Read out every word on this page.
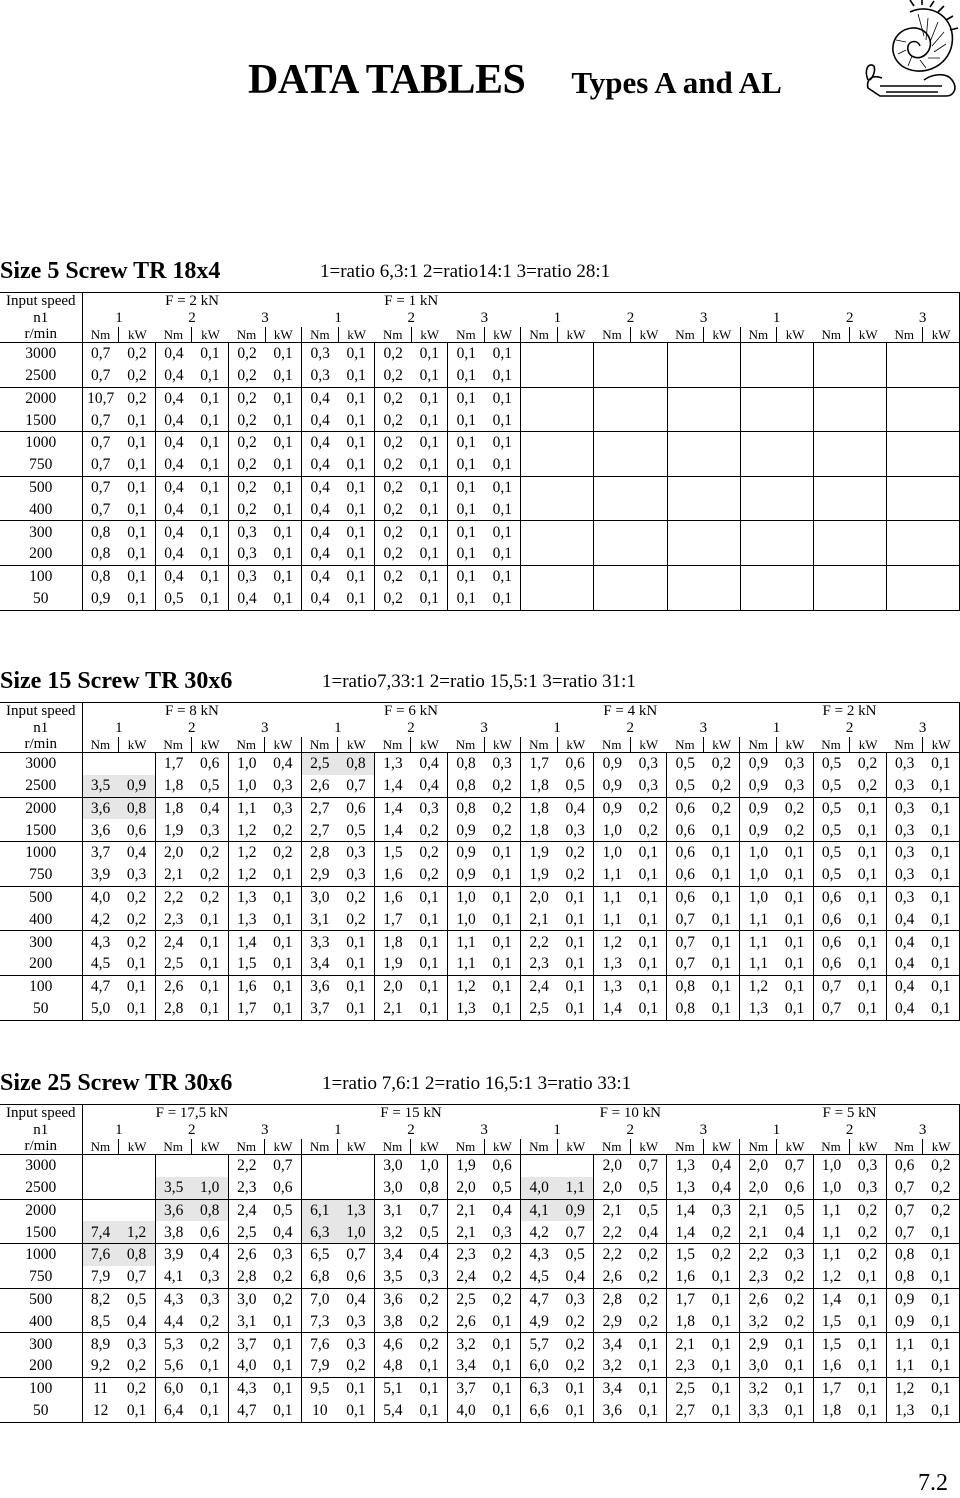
DATA TABLES Types A and AL
Size 5 Screw TR 18x4	1=ratio 6,3:1 2=ratio14:1 3=ratio 28:1
Input speed	F = 2 kN						F = 1 kN																	
n1	1		2		3		1		2		3		1		2		3		1		2		3	
r/min	Nm	kW	Nm	kW	Nm	kW	Nm	kW	Nm	kW	Nm	kW	Nm	kW	Nm	kW	Nm	kW	Nm	kW	Nm	kW	Nm	kW
3000	0,7	0,2	0,4	0,1	0,2	0,1	0,3	0,1	0,2	0,1	0,1	0,1												
2500	0,7	0,2	0,4	0,1	0,2	0,1	0,3	0,1	0,2	0,1	0,1	0,1												
2000	10,7	0,2	0,4	0,1	0,2	0,1	0,4	0,1	0,2	0,1	0,1	0,1												
1500	0,7	0,1	0,4	0,1	0,2	0,1	0,4	0,1	0,2	0,1	0,1	0,1												
1000	0,7	0,1	0,4	0,1	0,2	0,1	0,4	0,1	0,2	0,1	0,1	0,1												
750	0,7	0,1	0,4	0,1	0,2	0,1	0,4	0,1	0,2	0,1	0,1	0,1												
500	0,7	0,1	0,4	0,1	0,2	0,1	0,4	0,1	0,2	0,1	0,1	0,1												
400	0,7	0,1	0,4	0,1	0,2	0,1	0,4	0,1	0,2	0,1	0,1	0,1												
300	0,8	0,1	0,4	0,1	0,3	0,1	0,4	0,1	0,2	0,1	0,1	0,1												
200	0,8	0,1	0,4	0,1	0,3	0,1	0,4	0,1	0,2	0,1	0,1	0,1												
100	0,8	0,1	0,4	0,1	0,3	0,1	0,4	0,1	0,2	0,1	0,1	0,1												
50	0,9	0,1	0,5	0,1	0,4	0,1	0,4	0,1	0,2	0,1	0,1	0,1												
Size 15 Screw TR 30x6	1=ratio7,33:1 2=ratio 15,5:1 3=ratio 31:1
Input speed	F = 8 kN						F = 6 kN						F = 4 kN						F = 2 kN					
n1	1		2		3		1		2		3		1		2		3		1		2		3	
r/min	Nm	kW	Nm	kW	Nm	kW	Nm	kW	Nm	kW	Nm	kW	Nm	kW	Nm	kW	Nm	kW	Nm	kW	Nm	kW	Nm	kW
3000			1,7	0,6	1,0	0,4	2,5	0,8	1,3	0,4	0,8	0,3	1,7	0,6	0,9	0,3	0,5	0,2	0,9	0,3	0,5	0,2	0,3	0,1
2500	3,5	0,9	1,8	0,5	1,0	0,3	2,6	0,7	1,4	0,4	0,8	0,2	1,8	0,5	0,9	0,3	0,5	0,2	0,9	0,3	0,5	0,2	0,3	0,1
2000	3,6	0,8	1,8	0,4	1,1	0,3	2,7	0,6	1,4	0,3	0,8	0,2	1,8	0,4	0,9	0,2	0,6	0,2	0,9	0,2	0,5	0,1	0,3	0,1
1500	3,6	0,6	1,9	0,3	1,2	0,2	2,7	0,5	1,4	0,2	0,9	0,2	1,8	0,3	1,0	0,2	0,6	0,1	0,9	0,2	0,5	0,1	0,3	0,1
1000	3,7	0,4	2,0	0,2	1,2	0,2	2,8	0,3	1,5	0,2	0,9	0,1	1,9	0,2	1,0	0,1	0,6	0,1	1,0	0,1	0,5	0,1	0,3	0,1
750	3,9	0,3	2,1	0,2	1,2	0,1	2,9	0,3	1,6	0,2	0,9	0,1	1,9	0,2	1,1	0,1	0,6	0,1	1,0	0,1	0,5	0,1	0,3	0,1
500	4,0	0,2	2,2	0,2	1,3	0,1	3,0	0,2	1,6	0,1	1,0	0,1	2,0	0,1	1,1	0,1	0,6	0,1	1,0	0,1	0,6	0,1	0,3	0,1
400	4,2	0,2	2,3	0,1	1,3	0,1	3,1	0,2	1,7	0,1	1,0	0,1	2,1	0,1	1,1	0,1	0,7	0,1	1,1	0,1	0,6	0,1	0,4	0,1
300	4,3	0,2	2,4	0,1	1,4	0,1	3,3	0,1	1,8	0,1	1,1	0,1	2,2	0,1	1,2	0,1	0,7	0,1	1,1	0,1	0,6	0,1	0,4	0,1
200	4,5	0,1	2,5	0,1	1,5	0,1	3,4	0,1	1,9	0,1	1,1	0,1	2,3	0,1	1,3	0,1	0,7	0,1	1,1	0,1	0,6	0,1	0,4	0,1
100	4,7	0,1	2,6	0,1	1,6	0,1	3,6	0,1	2,0	0,1	1,2	0,1	2,4	0,1	1,3	0,1	0,8	0,1	1,2	0,1	0,7	0,1	0,4	0,1
50	5,0	0,1	2,8	0,1	1,7	0,1	3,7	0,1	2,1	0,1	1,3	0,1	2,5	0,1	1,4	0,1	0,8	0,1	1,3	0,1	0,7	0,1	0,4	0,1
Size 25 Screw TR 30x6	1=ratio 7,6:1 2=ratio 16,5:1 3=ratio 33:1
Input speed	F = 17,5 kN						F = 15 kN						F = 10 kN						F = 5 kN					
n1	1		2		3		1		2		3		1		2		3		1		2		3	
r/min	Nm	kW	Nm	kW	Nm	kW	Nm	kW	Nm	kW	Nm	kW	Nm	kW	Nm	kW	Nm	kW	Nm	kW	Nm	kW	Nm	kW
3000					2,2	0,7			3,0	1,0	1,9	0,6			2,0	0,7	1,3	0,4	2,0	0,7	1,0	0,3	0,6	0,2
2500			3,5	1,0	2,3	0,6			3,0	0,8	2,0	0,5	4,0	1,1	2,0	0,5	1,3	0,4	2,0	0,6	1,0	0,3	0,7	0,2
2000			3,6	0,8	2,4	0,5	6,1	1,3	3,1	0,7	2,1	0,4	4,1	0,9	2,1	0,5	1,4	0,3	2,1	0,5	1,1	0,2	0,7	0,2
1500	7,4	1,2	3,8	0,6	2,5	0,4	6,3	1,0	3,2	0,5	2,1	0,3	4,2	0,7	2,2	0,4	1,4	0,2	2,1	0,4	1,1	0,2	0,7	0,1
1000	7,6	0,8	3,9	0,4	2,6	0,3	6,5	0,7	3,4	0,4	2,3	0,2	4,3	0,5	2,2	0,2	1,5	0,2	2,2	0,3	1,1	0,2	0,8	0,1
750	7,9	0,7	4,1	0,3	2,8	0,2	6,8	0,6	3,5	0,3	2,4	0,2	4,5	0,4	2,6	0,2	1,6	0,1	2,3	0,2	1,2	0,1	0,8	0,1
500	8,2	0,5	4,3	0,3	3,0	0,2	7,0	0,4	3,6	0,2	2,5	0,2	4,7	0,3	2,8	0,2	1,7	0,1	2,6	0,2	1,4	0,1	0,9	0,1
400	8,5	0,4	4,4	0,2	3,1	0,1	7,3	0,3	3,8	0,2	2,6	0,1	4,9	0,2	2,9	0,2	1,8	0,1	3,2	0,2	1,5	0,1	0,9	0,1
300	8,9	0,3	5,3	0,2	3,7	0,1	7,6	0,3	4,6	0,2	3,2	0,1	5,7	0,2	3,4	0,1	2,1	0,1	2,9	0,1	1,5	0,1	1,1	0,1
200	9,2	0,2	5,6	0,1	4,0	0,1	7,9	0,2	4,8	0,1	3,4	0,1	6,0	0,2	3,2	0,1	2,3	0,1	3,0	0,1	1,6	0,1	1,1	0,1
100	11	0,2	6,0	0,1	4,3	0,1	9,5	0,1	5,1	0,1	3,7	0,1	6,3	0,1	3,4	0,1	2,5	0,1	3,2	0,1	1,7	0,1	1,2	0,1
50	12	0,1	6,4	0,1	4,7	0,1	10	0,1	5,4	0,1	4,0	0,1	6,6	0,1	3,6	0,1	2,7	0,1	3,3	0,1	1,8	0,1	1,3	0,1
7.2
